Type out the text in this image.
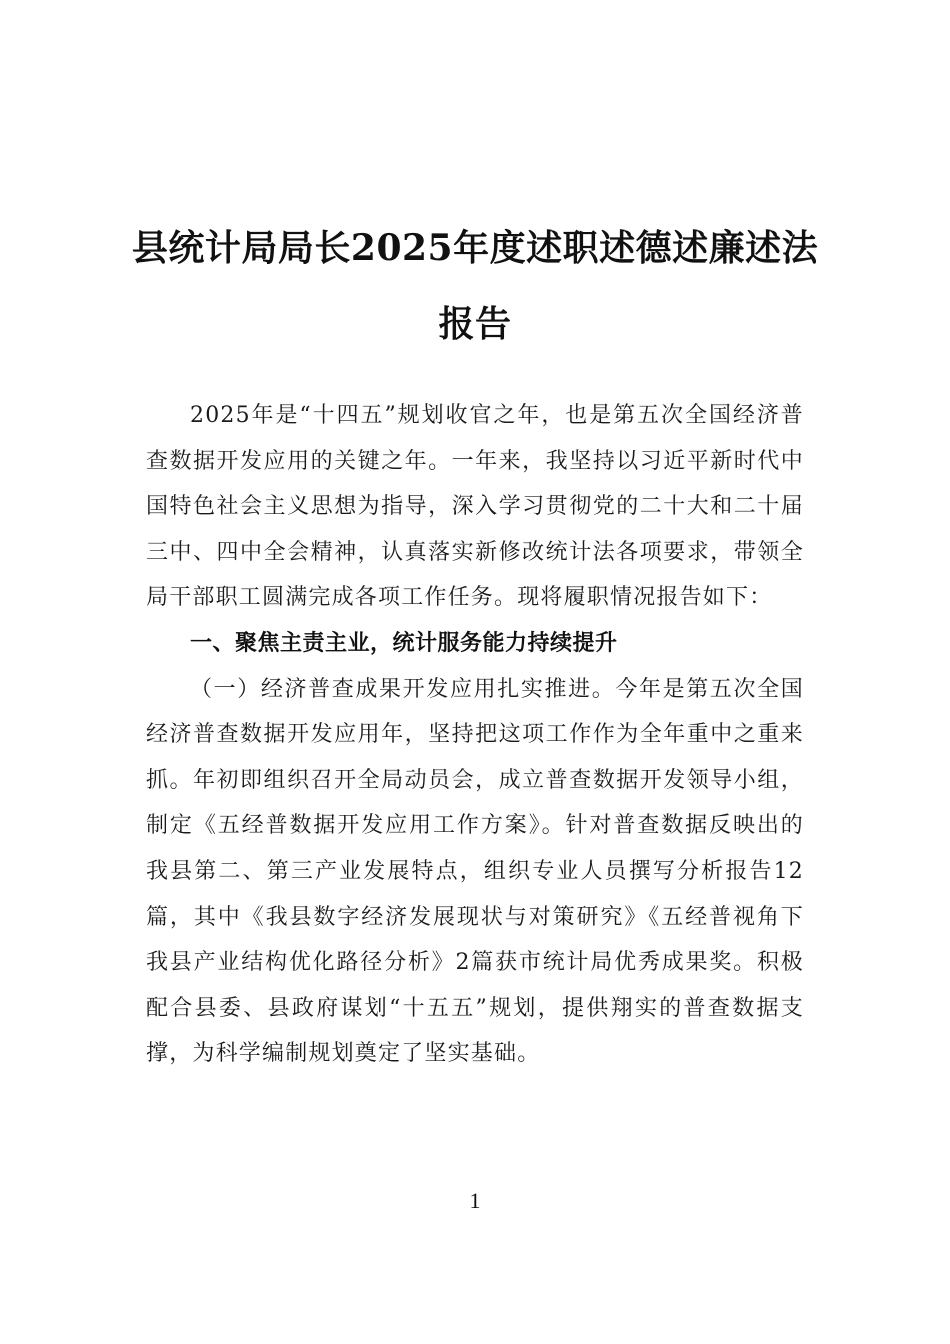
县统计局局长2025年度述职述德述廉述法
报告

2025年是“十四五”规划收官之年，也是第五次全国经济普查数据开发应用的关键之年。一年来，我坚持以习近平新时代中国特色社会主义思想为指导，深入学习贯彻党的二十大和二十届三中、四中全会精神，认真落实新修改统计法各项要求，带领全局干部职工圆满完成各项工作任务。现将履职情况报告如下：

一、聚焦主责主业，统计服务能力持续提升

（一）经济普查成果开发应用扎实推进。今年是第五次全国经济普查数据开发应用年，坚持把这项工作作为全年重中之重来抓。年初即组织召开全局动员会，成立普查数据开发领导小组，制定《五经普数据开发应用工作方案》。针对普查数据反映出的我县第二、第三产业发展特点，组织专业人员撰写分析报告12篇，其中《我县数字经济发展现状与对策研究》《五经普视角下我县产业结构优化路径分析》2篇获市统计局优秀成果奖。积极配合县委、县政府谋划“十五五”规划，提供翔实的普查数据支撑，为科学编制规划奠定了坚实基础。

1
